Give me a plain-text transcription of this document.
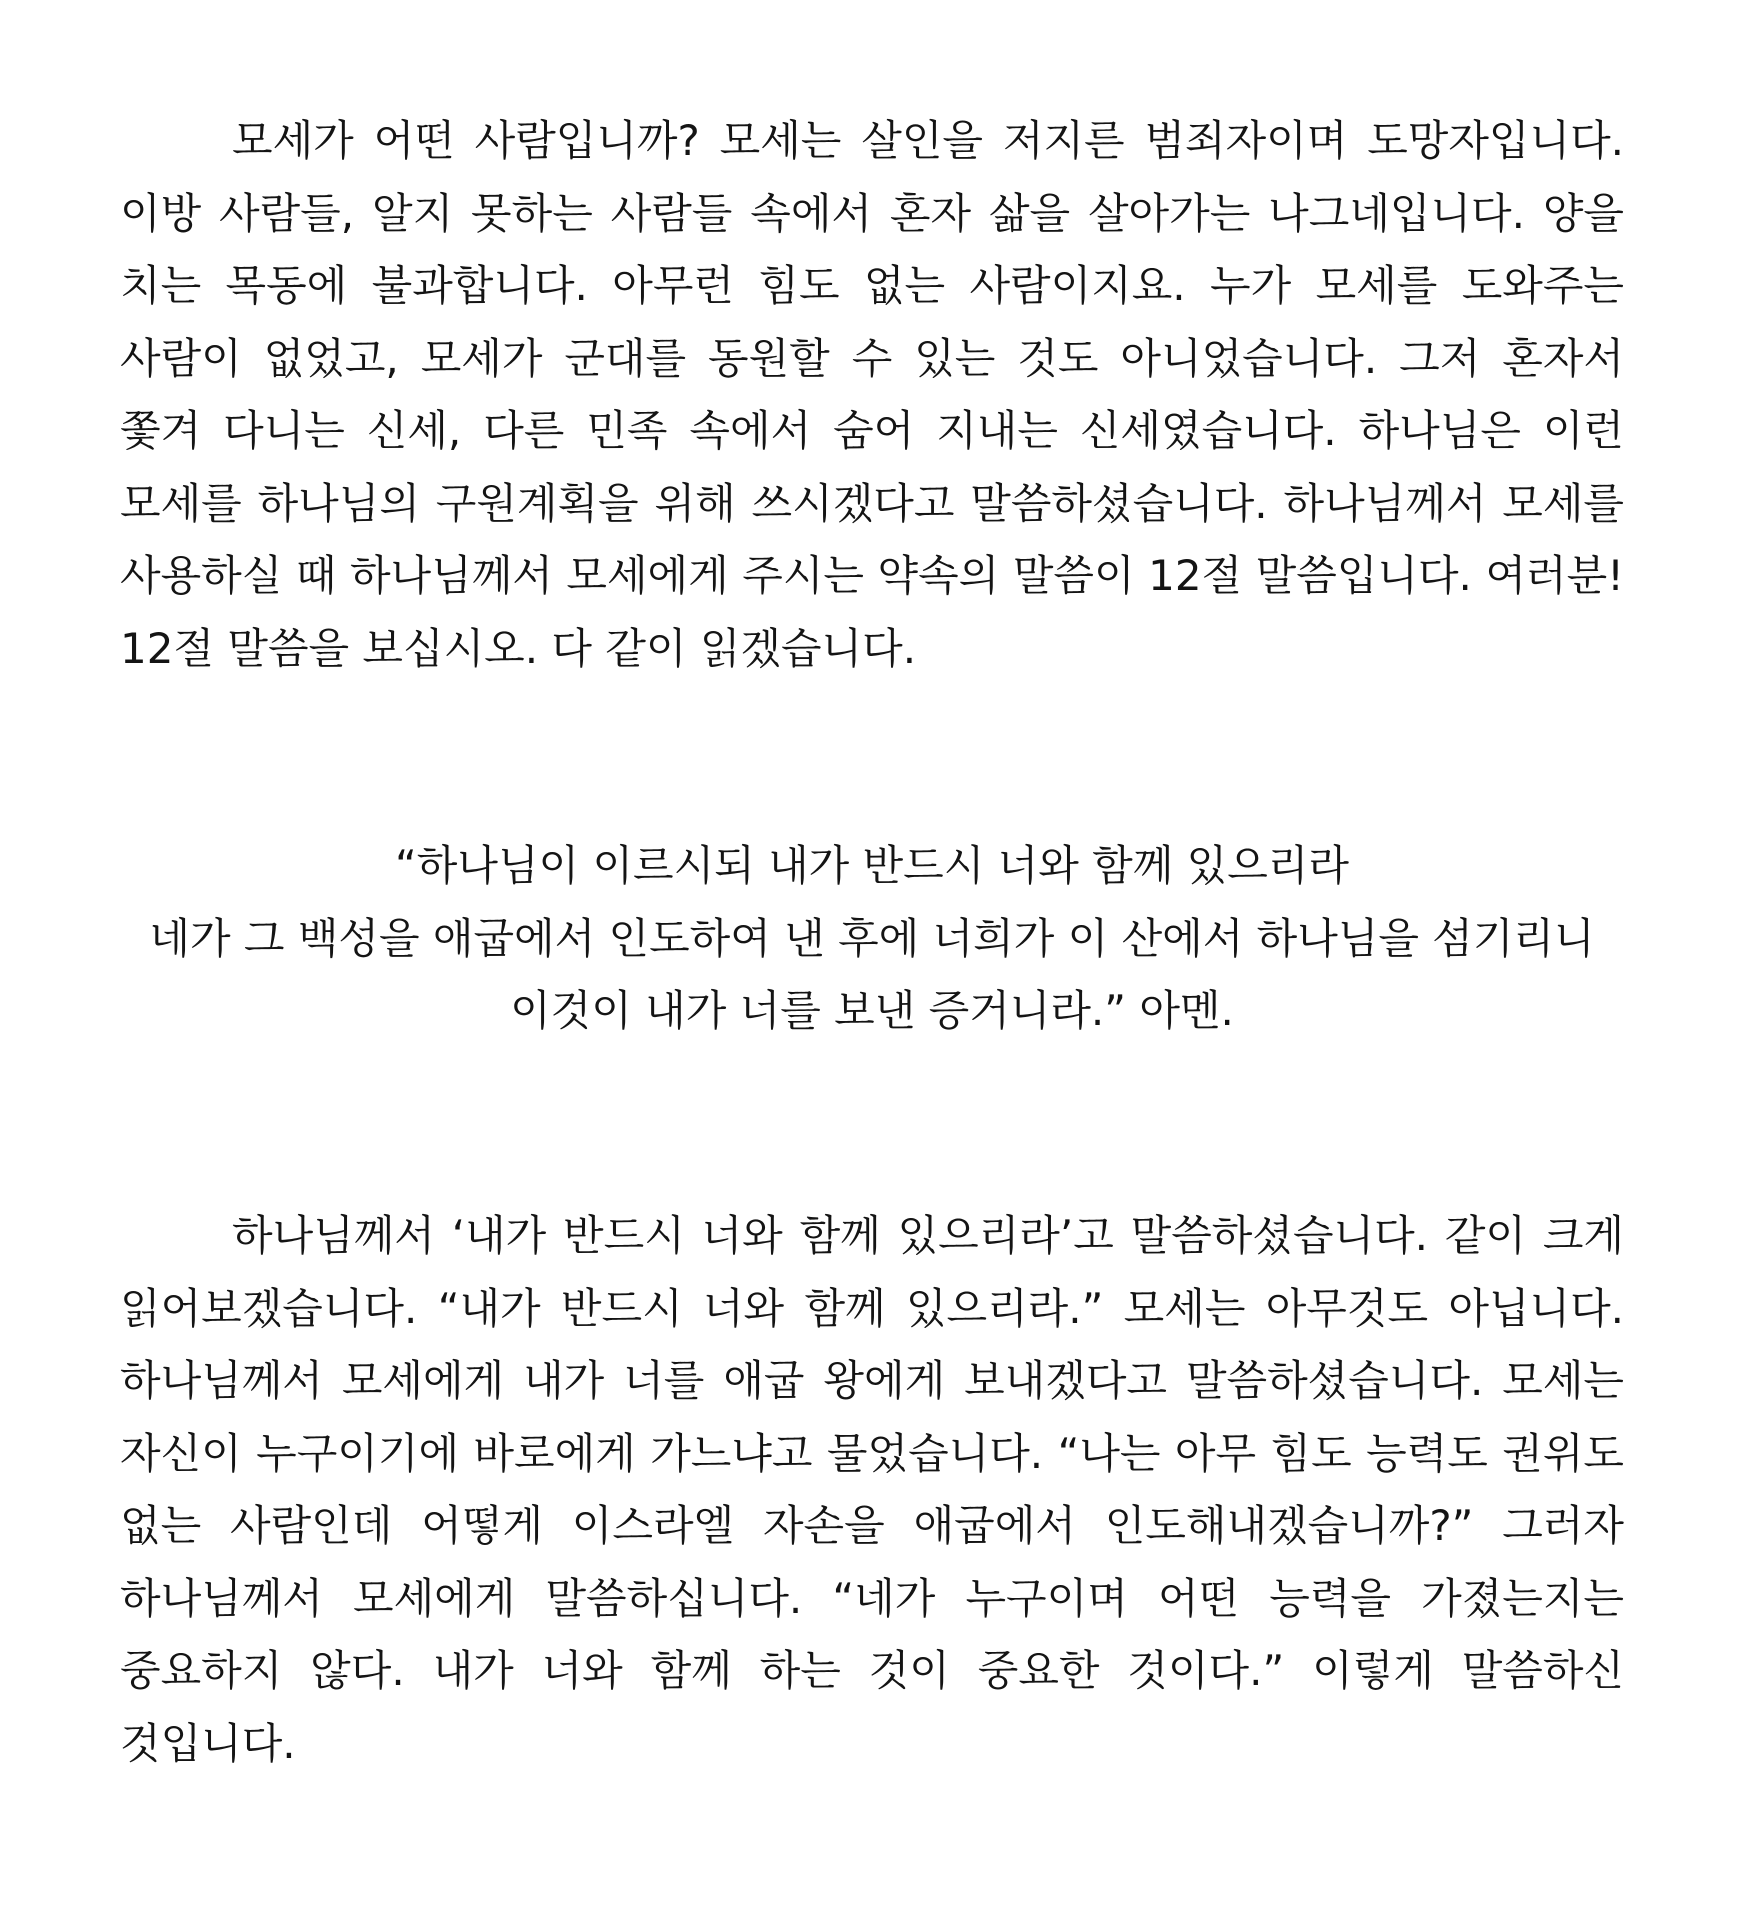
모세가 어떤 사람입니까? 모세는 살인을 저지른 범죄자이며 도망자입니다. 이방 사람들, 알지 못하는 사람들 속에서 혼자 삶을 살아가는 나그네입니다. 양을 치는 목동에 불과합니다. 아무런 힘도 없는 사람이지요. 누가 모세를 도와주는 사람이 없었고, 모세가 군대를 동원할 수 있는 것도 아니었습니다. 그저 혼자서 쫓겨 다니는 신세, 다른 민족 속에서 숨어 지내는 신세였습니다. 하나님은 이런 모세를 하나님의 구원계획을 위해 쓰시겠다고 말씀하셨습니다. 하나님께서 모세를 사용하실 때 하나님께서 모세에게 주시는 약속의 말씀이 12절 말씀입니다. 여러분! 12절 말씀을 보십시오. 다 같이 읽겠습니다.

“하나님이 이르시되 내가 반드시 너와 함께 있으리라
네가 그 백성을 애굽에서 인도하여 낸 후에 너희가 이 산에서 하나님을 섬기리니
이것이 내가 너를 보낸 증거니라.” 아멘.

하나님께서 ‘내가 반드시 너와 함께 있으리라’고 말씀하셨습니다. 같이 크게 읽어보겠습니다. “내가 반드시 너와 함께 있으리라.” 모세는 아무것도 아닙니다. 하나님께서 모세에게 내가 너를 애굽 왕에게 보내겠다고 말씀하셨습니다. 모세는 자신이 누구이기에 바로에게 가느냐고 물었습니다. “나는 아무 힘도 능력도 권위도 없는 사람인데 어떻게 이스라엘 자손을 애굽에서 인도해내겠습니까?” 그러자 하나님께서 모세에게 말씀하십니다. “네가 누구이며 어떤 능력을 가졌는지는 중요하지 않다. 내가 너와 함께 하는 것이 중요한 것이다.” 이렇게 말씀하신 것입니다.
